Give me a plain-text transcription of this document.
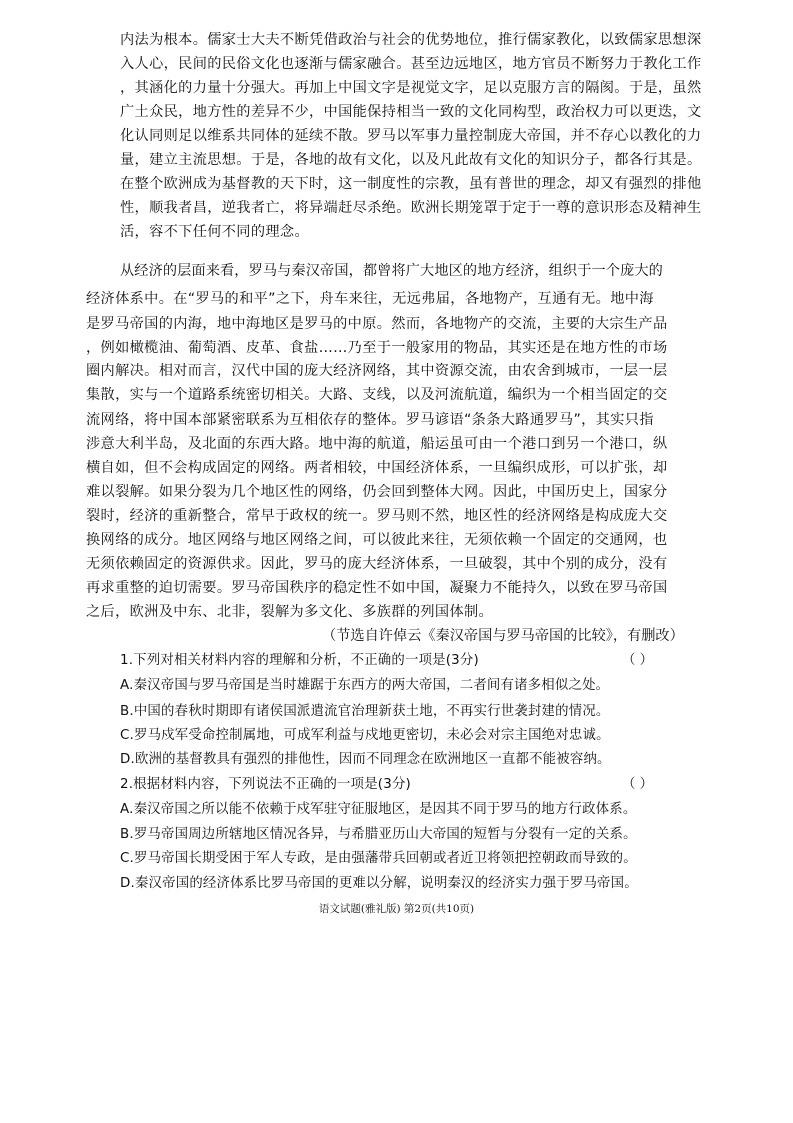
内法为根本。儒家士大夫不断凭借政治与社会的优势地位，推行儒家教化，以致儒家思想深
入人心，民间的民俗文化也逐渐与儒家融合。甚至边远地区，地方官员不断努力于教化工作
，其涵化的力量十分强大。再加上中国文字是视觉文字，足以克服方言的隔阂。于是，虽然
广土众民，地方性的差异不少，中国能保持相当一致的文化同构型，政治权力可以更迭，文
化认同则足以维系共同体的延续不散。罗马以军事力量控制庞大帝国，并不存心以教化的力
量，建立主流思想。于是，各地的故有文化，以及凡此故有文化的知识分子，都各行其是。
在整个欧洲成为基督教的天下时，这一制度性的宗教，虽有普世的理念，却又有强烈的排他
性，顺我者昌，逆我者亡，将异端赶尽杀绝。欧洲长期笼罩于定于一尊的意识形态及精神生
活，容不下任何不同的理念。
从经济的层面来看，罗马与秦汉帝国，都曾将广大地区的地方经济，组织于一个庞大的
经济体系中。在“罗马的和平”之下，舟车来往，无远弗届，各地物产，互通有无。地中海
是罗马帝国的内海，地中海地区是罗马的中原。然而，各地物产的交流，主要的大宗生产品
，例如橄榄油、葡萄酒、皮革、食盐……乃至于一般家用的物品，其实还是在地方性的市场
圈内解决。相对而言，汉代中国的庞大经济网络，其中资源交流，由农舍到城市，一层一层
集散，实与一个道路系统密切相关。大路、支线，以及河流航道，编织为一个相当固定的交
流网络，将中国本部紧密联系为互相依存的整体。罗马谚语“条条大路通罗马”，其实只指
涉意大利半岛，及北面的东西大路。地中海的航道，船运虽可由一个港口到另一个港口，纵
横自如，但不会构成固定的网络。两者相较，中国经济体系，一旦编织成形，可以扩张，却
难以裂解。如果分裂为几个地区性的网络，仍会回到整体大网。因此，中国历史上，国家分
裂时，经济的重新整合，常早于政权的统一。罗马则不然，地区性的经济网络是构成庞大交
换网络的成分。地区网络与地区网络之间，可以彼此来往，无须依赖一个固定的交通网，也
无须依赖固定的资源供求。因此，罗马的庞大经济体系，一旦破裂，其中个别的成分，没有
再求重整的迫切需要。罗马帝国秩序的稳定性不如中国，凝聚力不能持久，以致在罗马帝国
之后，欧洲及中东、北非，裂解为多文化、多族群的列国体制。
（节选自许倬云《秦汉帝国与罗马帝国的比较》，有删改）
1.下列对相关材料内容的理解和分析，不正确的一项是(3分)	（ ）
A.秦汉帝国与罗马帝国是当时雄踞于东西方的两大帝国，二者间有诸多相似之处。
B.中国的春秋时期即有诸侯国派遣流官治理新获土地，不再实行世袭封建的情况。
C.罗马戍军受命控制属地，可成军利益与戍地更密切，未必会对宗主国绝对忠诚。
D.欧洲的基督教具有强烈的排他性，因而不同理念在欧洲地区一直都不能被容纳。
2.根据材料内容，下列说法不正确的一项是(3分)	（ ）
A.秦汉帝国之所以能不依赖于戍军驻守征服地区，是因其不同于罗马的地方行政体系。
B.罗马帝国周边所辖地区情况各异，与希腊亚历山大帝国的短暂与分裂有一定的关系。
C.罗马帝国长期受困于军人专政，是由强藩带兵回朝或者近卫将领把控朝政而导致的。
D.秦汉帝国的经济体系比罗马帝国的更难以分解，说明秦汉的经济实力强于罗马帝国。
语文试题(雅礼版) 第2页(共10页)
